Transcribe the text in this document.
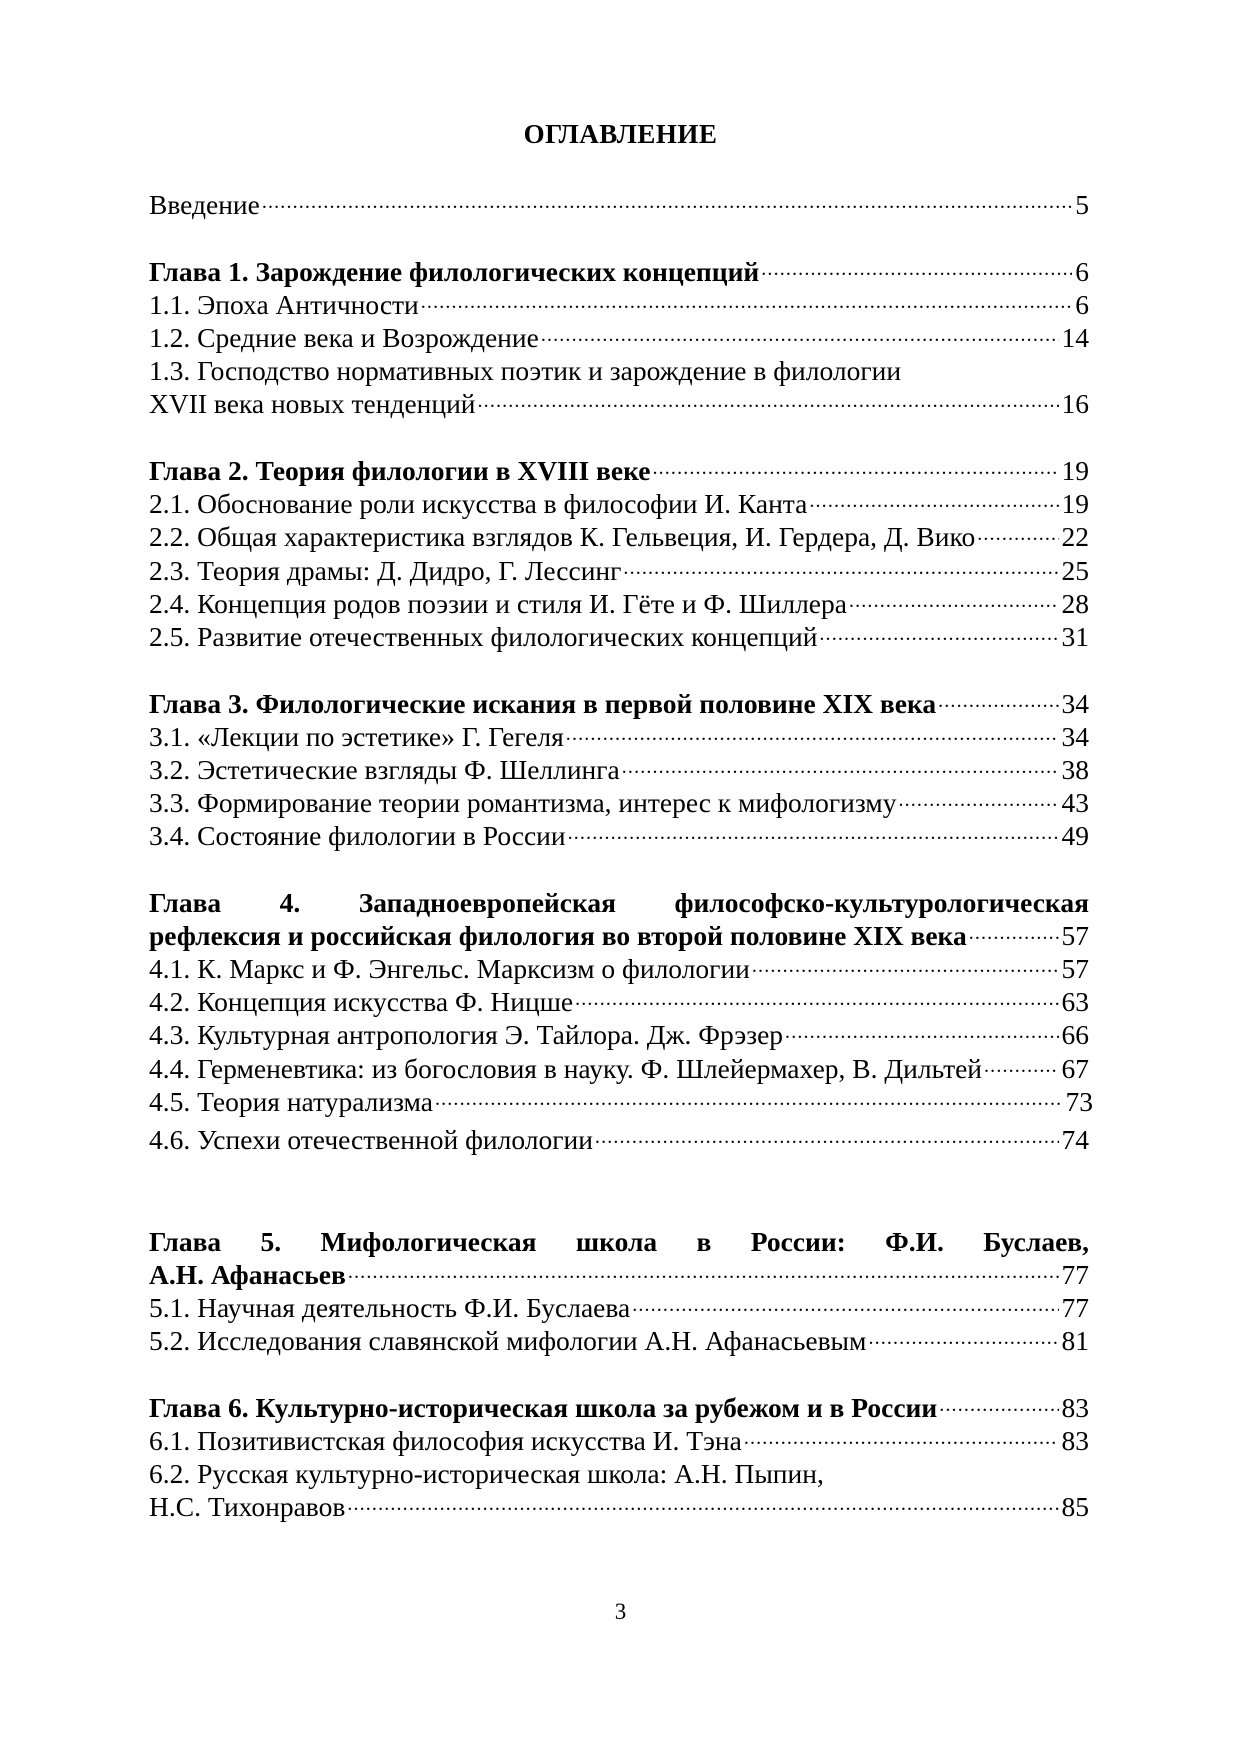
ОГЛАВЛЕНИЕ
Введение .....	5
Глава 1. Зарождение филологических концепций .....	6
1.1. Эпоха Античности .....	6
1.2. Средние века и Возрождение .....	14
1.3. Господство нормативных поэтик и зарождение в филологии
XVII века новых тенденций .....	16
Глава 2. Теория филологии в XVIII веке .....	19
2.1. Обоснование роли искусства в философии И. Канта .....	19
2.2. Общая характеристика взглядов К. Гельвеция, И. Гердера, Д. Вико .....	22
2.3. Теория драмы: Д. Дидро, Г. Лессинг .....	25
2.4. Концепция родов поэзии и стиля И. Гёте и Ф. Шиллера .....	28
2.5. Развитие отечественных филологических концепций .....	31
Глава 3. Филологические искания в первой половине XIX века .....	34
3.1. «Лекции по эстетике» Г. Гегеля .....	34
3.2. Эстетические взгляды Ф. Шеллинга .....	38
3.3. Формирование теории романтизма, интерес к мифологизму .....	43
3.4. Состояние филологии в России .....	49
Глава 4. Западноевропейская философско-культурологическая
рефлексия и российская филология во второй половине XIX века .....	57
4.1. К. Маркс и Ф. Энгельс. Марксизм о филологии .....	57
4.2. Концепция искусства Ф. Ницше .....	63
4.3. Культурная антропология Э. Тайлора. Дж. Фрэзер .....	66
4.4. Герменевтика: из богословия в науку. Ф. Шлейермахер, В. Дильтей .....	67
4.5. Теория натурализма .....	73
4.6. Успехи отечественной филологии .....	74
Глава 5. Мифологическая школа в России: Ф.И. Буслаев,
А.Н. Афанасьев .....	77
5.1. Научная деятельность Ф.И. Буслаева .....	77
5.2. Исследования славянской мифологии А.Н. Афанасьевым .....	81
Глава 6. Культурно-историческая школа за рубежом и в России .....	83
6.1. Позитивистская философия искусства И. Тэна .....	83
6.2. Русская культурно-историческая школа: А.Н. Пыпин,
Н.С. Тихонравов .....	85
3
